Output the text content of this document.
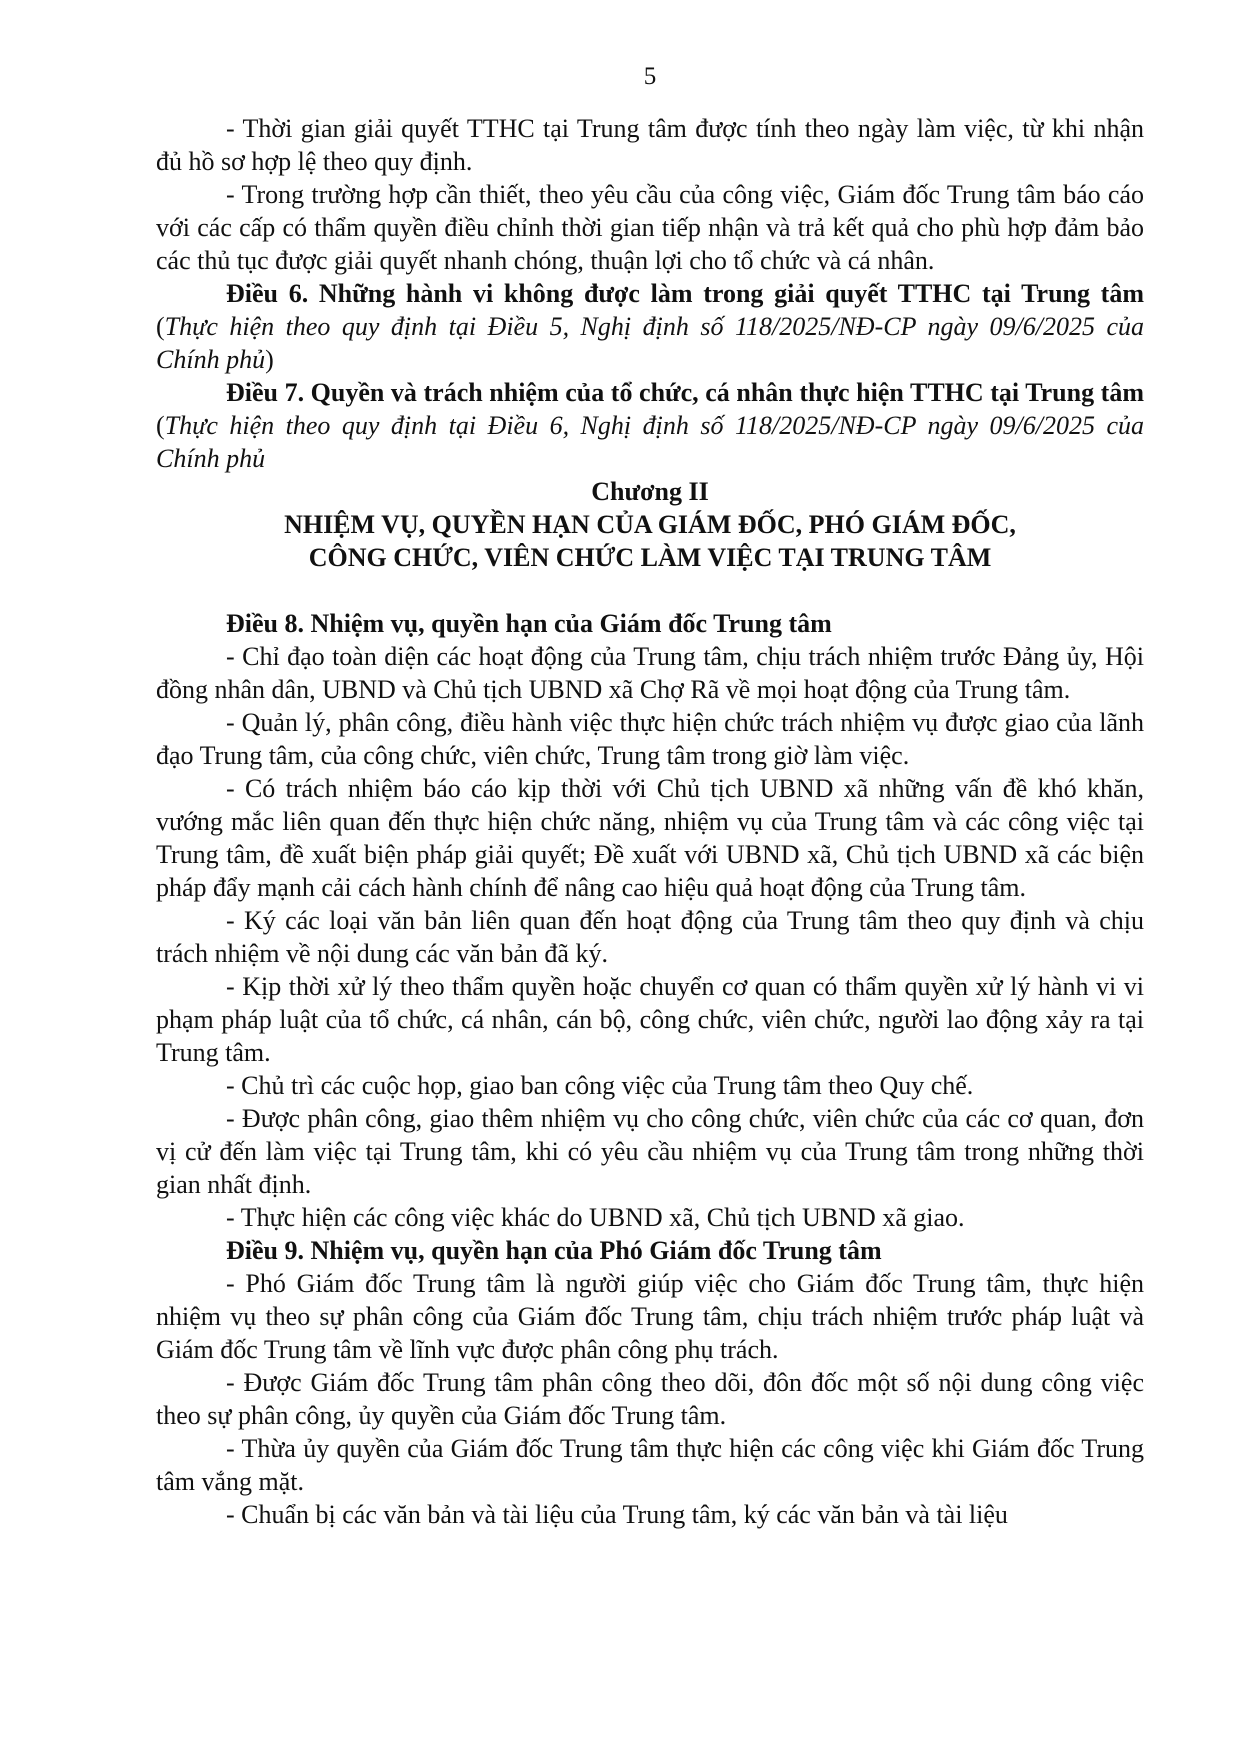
5

- Thời gian giải quyết TTHC tại Trung tâm được tính theo ngày làm việc, từ khi nhận đủ hồ sơ hợp lệ theo quy định.

- Trong trường hợp cần thiết, theo yêu cầu của công việc, Giám đốc Trung tâm báo cáo với các cấp có thẩm quyền điều chỉnh thời gian tiếp nhận và trả kết quả cho phù hợp đảm bảo các thủ tục được giải quyết nhanh chóng, thuận lợi cho tổ chức và cá nhân.

Điều 6. Những hành vi không được làm trong giải quyết TTHC tại Trung tâm (Thực hiện theo quy định tại Điều 5, Nghị định số 118/2025/NĐ-CP ngày 09/6/2025 của Chính phủ)

Điều 7. Quyền và trách nhiệm của tổ chức, cá nhân thực hiện TTHC tại Trung tâm (Thực hiện theo quy định tại Điều 6, Nghị định số 118/2025/NĐ-CP ngày 09/6/2025 của Chính phủ

Chương II
NHIỆM VỤ, QUYỀN HẠN CỦA GIÁM ĐỐC, PHÓ GIÁM ĐỐC,
CÔNG CHỨC, VIÊN CHỨC LÀM VIỆC TẠI TRUNG TÂM

Điều 8. Nhiệm vụ, quyền hạn của Giám đốc Trung tâm

- Chỉ đạo toàn diện các hoạt động của Trung tâm, chịu trách nhiệm trước Đảng ủy, Hội đồng nhân dân, UBND và Chủ tịch UBND xã Chợ Rã về mọi hoạt động của Trung tâm.

- Quản lý, phân công, điều hành việc thực hiện chức trách nhiệm vụ được giao của lãnh đạo Trung tâm, của công chức, viên chức, Trung tâm trong giờ làm việc.

- Có trách nhiệm báo cáo kịp thời với Chủ tịch UBND xã những vấn đề khó khăn, vướng mắc liên quan đến thực hiện chức năng, nhiệm vụ của Trung tâm và các công việc tại Trung tâm, đề xuất biện pháp giải quyết; Đề xuất với UBND xã, Chủ tịch UBND xã các biện pháp đẩy mạnh cải cách hành chính để nâng cao hiệu quả hoạt động của Trung tâm.

- Ký các loại văn bản liên quan đến hoạt động của Trung tâm theo quy định và chịu trách nhiệm về nội dung các văn bản đã ký.

- Kịp thời xử lý theo thẩm quyền hoặc chuyển cơ quan có thẩm quyền xử lý hành vi vi phạm pháp luật của tổ chức, cá nhân, cán bộ, công chức, viên chức, người lao động xảy ra tại Trung tâm.

- Chủ trì các cuộc họp, giao ban công việc của Trung tâm theo Quy chế.

- Được phân công, giao thêm nhiệm vụ cho công chức, viên chức của các cơ quan, đơn vị cử đến làm việc tại Trung tâm, khi có yêu cầu nhiệm vụ của Trung tâm trong những thời gian nhất định.

- Thực hiện các công việc khác do UBND xã, Chủ tịch UBND xã giao.

Điều 9. Nhiệm vụ, quyền hạn của Phó Giám đốc Trung tâm

- Phó Giám đốc Trung tâm là người giúp việc cho Giám đốc Trung tâm, thực hiện nhiệm vụ theo sự phân công của Giám đốc Trung tâm, chịu trách nhiệm trước pháp luật và Giám đốc Trung tâm về lĩnh vực được phân công phụ trách.

- Được Giám đốc Trung tâm phân công theo dõi, đôn đốc một số nội dung công việc theo sự phân công, ủy quyền của Giám đốc Trung tâm.

- Thừa ủy quyền của Giám đốc Trung tâm thực hiện các công việc khi Giám đốc Trung tâm vắng mặt.

- Chuẩn bị các văn bản và tài liệu của Trung tâm, ký các văn bản và tài liệu
